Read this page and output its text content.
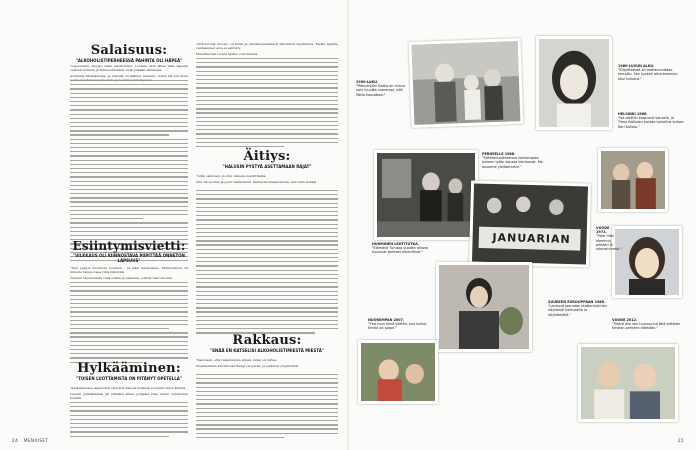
Salaisuus:
"ALKOHOLISTIPERHEESSÄ PAHINTA OLI HÄPEÄ"

"Lapsuutani varjosti isäni alkoholismi. Louhen, että lähes illan häpeän vaikutti minuun ja ihmissuhteisiini vielä pitkään aikuisena.

Asuimme Mellakdossa, ja minulla oli jäännyt nielemu, miten isä tuli illoin

Esiintymisvietti:
"VILKKAUS OLI KIINNOSTAVA PIIPITTÄÄ ONNETON LAPSUUS"

"Tein pakjon huomiota kouluun – ja siksi latstaukses. Esiintyminen oli minulle helppo tapa tulla nähdyksi.

Tuntuni lapsuudesta vielä tutkin ja pelastua, joilloin nauroin sille.

Hylkääminen:
"TOISEN LUOTTAMISTA ON PITÄNYT OPETELLA"

"Kaikuuksessa lapsuuden varjostin kanssa melkein vuodeksi myös äidistä.

Lapsen pelkääminen jäi pitkäksi aikaa pohjaksi sille, miten suhtaudun muihin.

1950-luvulla avioero oli kriisi ja yhteiskunnallisesti hävettävä tapahtuma. Meille lapsille vanhempien eroa ei selitetty.

Muistikuvani tuosta ajasta ovat hataria.

Äitiys:
"HALUSIN PYSTYÄ ASETTAMAAN RAJAT"

"Äitiä olemisen on ollut minulle merkittävää.

Olin 29-vuotias ja juuri valmistunut Teatterikorkeakoulusta, kun tulin äidiksi.

Rakkaus:
"ENÄÄ EN KATSELISI ALKOHOLISTIMIESTÄ MIESTÄ"

"Sanotaan, että rakastumme siihen, mikä on tuttua.

Enemmänkin avioliitossa Bengt oli perhe- ja ystävien ympäröimä.

24 MENAISET
1950-LUKU.
"Pikkuenjani Saaka on minua vain muutta nuorempi, sillä Mella kasvattaa."
1960-LUVUN ALKU.
"Kirjoittaessa oli teatteruudessa kerrottu. Sen kyseen aiheutaminen olisi hullutus."
HELSINKI 1966.
"Isä otettiin kaasunut sairaala, ja Tiimo Kalliolan kanssa tarkoitus kulkea Kari Kallola."
JANUARIAN
PERHEELLE 1988.
"Tyttärentallenteissa vanhempien kolmen tytön kanssa kiertuavat. Me asumme ylellisemmin."
VUODE 1972.
"Palki riitoi aiemmin, pitkään ja intensiivisesti."
HUHMINEN LEHTITUTKA.
"Elämänä Turussa vuoden aikana kuuluvat perheet aiheuttivat."
SUUREEN EUROOPPAAN 1966.
"Laulavat Jaarnaan teatteriryhmän näyttelijä kiertueella ja näyttämöllä."
NUOREMPAN 2007.
"Yksi mun ehkä välitön, kun torkut Emilia on pojan."
VUODE 2012.
"Tytärä olla sen tuunuunna tätä tyttären Emilian perheen elämään."
25
